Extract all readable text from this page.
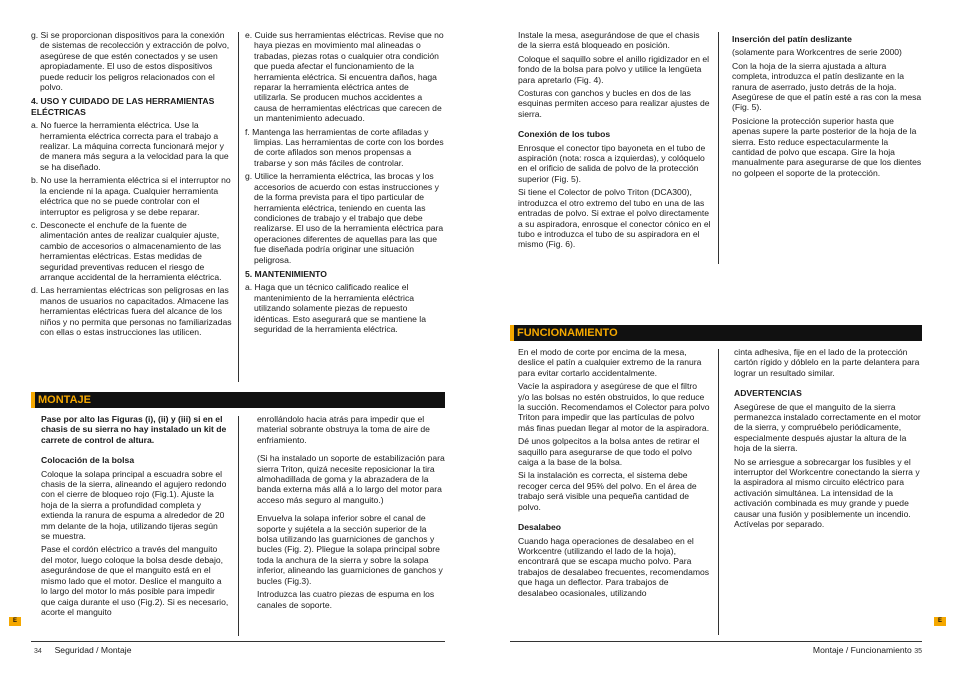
g. Si se proporcionan dispositivos para la conexión de sistemas de recolección y extracción de polvo, asegúrese de que estén conectados y se usen apropiadamente. El uso de estos dispositivos puede reducir los peligros relacionados con el polvo.

4. USO Y CUIDADO DE LAS HERRAMIENTAS ELÉCTRICAS

a. No fuerce la herramienta eléctrica. Use la herramienta eléctrica correcta para el trabajo a realizar. La máquina correcta funcionará mejor y de manera más segura a la velocidad para la que se ha diseñado.

b. No use la herramienta eléctrica si el interruptor no la enciende ni la apaga. Cualquier herramienta eléctrica que no se puede controlar con el interruptor es peligrosa y se debe reparar.

c. Desconecte el enchufe de la fuente de alimentación antes de realizar cualquier ajuste, cambio de accesorios o almacenamiento de las herramientas eléctricas. Estas medidas de seguridad preventivas reducen el riesgo de arranque accidental de la herramienta eléctrica.

d. Las herramientas eléctricas son peligrosas en las manos de usuarios no capacitados. Almacene las herramientas eléctricas fuera del alcance de los niños y no permita que personas no familiarizadas con ellas o estas instrucciones las utilicen.

e. Cuide sus herramientas eléctricas. Revise que no haya piezas en movimiento mal alineadas o trabadas, piezas rotas o cualquier otra condición que pueda afectar el funcionamiento de la herramienta eléctrica. Si encuentra daños, haga reparar la herramienta eléctrica antes de utilizarla. Se producen muchos accidentes a causa de herramientas eléctricas que carecen de un mantenimiento adecuado.

f. Mantenga las herramientas de corte afiladas y limpias. Las herramientas de corte con los bordes de corte afilados son menos propensas a trabarse y son más fáciles de controlar.

g. Utilice la herramienta eléctrica, las brocas y los accesorios de acuerdo con estas instrucciones y de la forma prevista para el tipo particular de herramienta eléctrica, teniendo en cuenta las condiciones de trabajo y el trabajo que debe realizarse. El uso de la herramienta eléctrica para operaciones diferentes de aquellas para las que fue diseñada podría originar une situación peligrosa.

5. MANTENIMIENTO

a. Haga que un técnico calificado realice el mantenimiento de la herramienta eléctrica utilizando solamente piezas de repuesto idénticas. Esto asegurará que se mantiene la seguridad de la herramienta eléctrica.

MONTAJE

Pase por alto las Figuras (i), (ii) y (iii) si en el chasis de su sierra no hay instalado un kit de carrete de control de altura.

Colocación de la bolsa

Coloque la solapa principal a escuadra sobre el chasis de la sierra, alineando el agujero redondo con el cierre de bloqueo rojo (Fig.1). Ajuste la hoja de la sierra a profundidad completa y extienda la ranura de espuma a alrededor de 20 mm delante de la hoja, utilizando tijeras según se muestra.

Pase el cordón eléctrico a través del manguito del motor, luego coloque la bolsa desde debajo, asegurándose de que el manguito está en el mismo lado que el motor. Deslice el manguito a lo largo del motor lo más posible para impedir que caiga durante el uso (Fig.2). Si es necesario, acorte el manguito

enrollándolo hacia atrás para impedir que el material sobrante obstruya la toma de aire de enfriamiento.

(Si ha instalado un soporte de estabilización para sierra Triton, quizá necesite reposicionar la tira almohadillada de goma y la abrazadera de la banda externa más allá a lo largo del motor para acceso más seguro al manguito.)

Envuelva la solapa inferior sobre el canal de soporte y sujétela a la sección superior de la bolsa utilizando las guarniciones de ganchos y bucles (Fig. 2). Pliegue la solapa principal sobre toda la anchura de la sierra y sobre la solapa inferior, alineando las guarniciones de ganchos y bucles (Fig.3).

Introduzca las cuatro piezas de espuma en los canales de soporte.

E
34 Seguridad / Montaje

Instale la mesa, asegurándose de que el chasis de la sierra está bloqueado en posición.

Coloque el saquillo sobre el anillo rigidizador en el fondo de la bolsa para polvo y utilice la lengüeta para apretarlo (Fig. 4).

Costuras con ganchos y bucles en dos de las esquinas permiten acceso para realizar ajustes de sierra.

Conexión de los tubos

Enrosque el conector tipo bayoneta en el tubo de aspiración (nota: rosca a izquierdas), y colóquelo en el orificio de salida de polvo de la protección superior (Fig. 5).

Si tiene el Colector de polvo Triton (DCA300), introduzca el otro extremo del tubo en una de las entradas de polvo. Si extrae el polvo directamente a su aspiradora, enrosque el conector cónico en el tubo e introduzca el tubo de su aspiradora en el mismo (Fig. 6).

Inserción del patín deslizante

(solamente para Workcentres de serie 2000)

Con la hoja de la sierra ajustada a altura completa, introduzca el patín deslizante en la ranura de aserrado, justo detrás de la hoja. Asegúrese de que el patín esté a ras con la mesa (Fig. 5).

Posicione la protección superior hasta que apenas supere la parte posterior de la hoja de la sierra. Esto reduce espectacularmente la cantidad de polvo que escapa. Gire la hoja manualmente para asegurarse de que los dientes no golpeen el soporte de la protección.

FUNCIONAMIENTO

En el modo de corte por encima de la mesa, deslice el patín a cualquier extremo de la ranura para evitar cortarlo accidentalmente.

Vacíe la aspiradora y asegúrese de que el filtro y/o las bolsas no estén obstruidos, lo que reduce la succión. Recomendamos el Colector para polvo Triton para impedir que las partículas de polvo más finas puedan llegar al motor de la aspiradora.

Dé unos golpecitos a la bolsa antes de retirar el saquillo para asegurarse de que todo el polvo caiga a la base de la bolsa.

Si la instalación es correcta, el sistema debe recoger cerca del 95% del polvo. En el área de trabajo será visible una pequeña cantidad de polvo.

Desalabeo

Cuando haga operaciones de desalabeo en el Workcentre (utilizando el lado de la hoja), encontrará que se escapa mucho polvo. Para trabajos de desalabeo frecuentes, recomendamos que haga un deflector. Para trabajos de desalabeo ocasionales, utilizando

cinta adhesiva, fije en el lado de la protección cartón rígido y dóblelo en la parte delantera para lograr un resultado similar.

ADVERTENCIAS

Asegúrese de que el manguito de la sierra permanezca instalado correctamente en el motor de la sierra, y compruébelo periódicamente, especialmente después ajustar la altura de la hoja de la sierra.

No se arriesgue a sobrecargar los fusibles y el interruptor del Workcentre conectando la sierra y la aspiradora al mismo circuito eléctrico para activación simultánea. La intensidad de la activación combinada es muy grande y puede causar una fusión y posiblemente un incendio. Actívelas por separado.

E
Montaje / Funcionamiento 35
